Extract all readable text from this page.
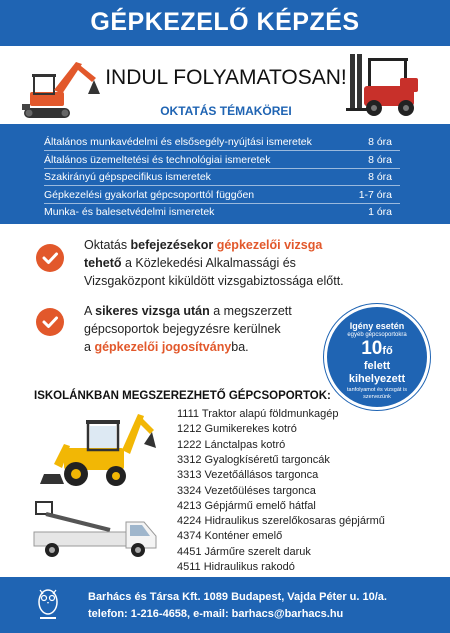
GÉPKEZELŐ KÉPZÉS
INDUL FOLYAMATOSAN!
OKTATÁS TÉMAKÖREI
Általános munkavédelmi és elsősegély-nyújtási ismeretek	8 óra
Általános üzemeltetési és technológiai ismeretek	8 óra
Szakirányú gépspecifikus ismeretek	8 óra
Gépkezelési gyakorlat gépcsoporttól függően	1-7 óra
Munka- és balesetvédelmi ismeretek	1 óra
Oktatás befejezésekor gépkezelői vizsga
tehető a Közlekedési Alkalmassági és
Vizsgaközpont kiküldött vizsgabiztossága előtt.
A sikeres vizsga után a megszerzett
gépcsoportok bejegyzésre kerülnek
a gépkezelői jogosítványba.
Igény esetén
egyéb gépcsoportokra
10fő
felett
kihelyezett
tanfolyamot és vizsgát is szervezünk
ISKOLÁNKBAN MEGSZEREZHETŐ GÉPCSOPORTOK:
1111 Traktor alapú földmunkagép
1212 Gumikerekes kotró
1222 Lánctalpas kotró
3312 Gyalogkíséretű targoncák
3313 Vezetőállásos targonca
3324 Vezetőüléses targonca
4213 Gépjármű emelő hátfal
4224 Hidraulikus szerelőkosaras gépjármű
4374 Konténer emelő
4451 Járműre szerelt daruk
4511 Hidraulikus rakodó
Barhács és Társa Kft. 1089 Budapest, Vajda Péter u. 10/a.
telefon: 1-216-4658, e-mail: barhacs@barhacs.hu
